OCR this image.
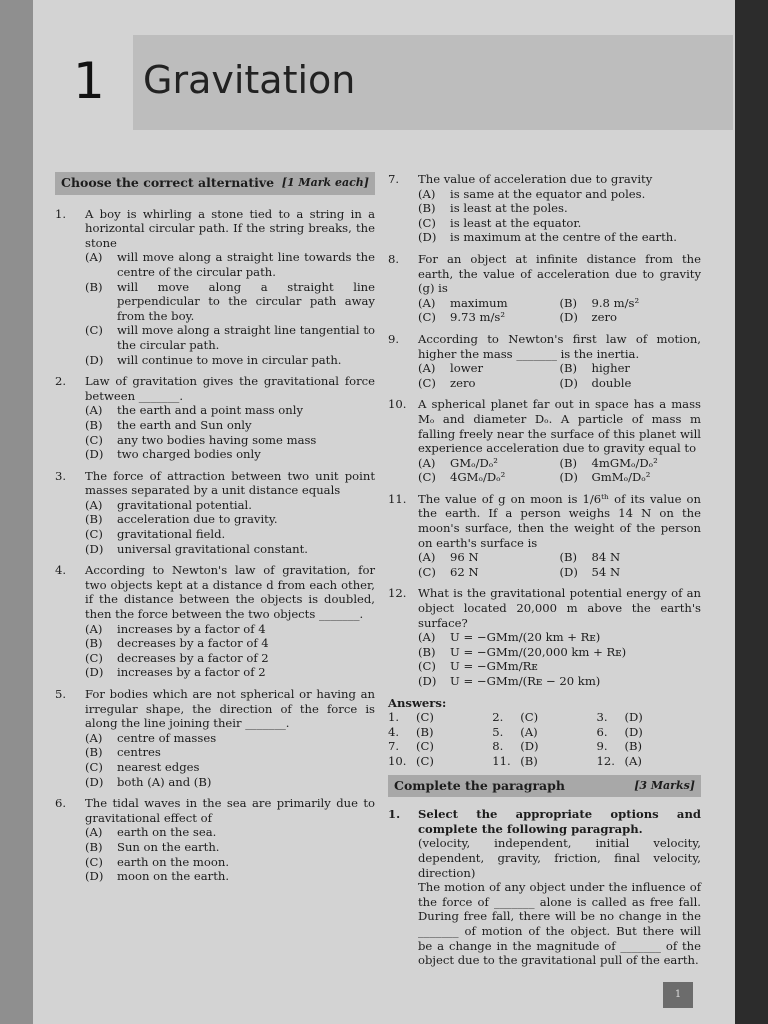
1 Gravitation
Choose the correct alternative [1 Mark each]
1.	A boy is whirling a stone tied to a string in a horizontal circular path. If the string breaks, the stone
(A)	will move along a straight line towards the centre of the circular path.
(B)	will move along a straight line perpendicular to the circular path away from the boy.
(C)	will move along a straight line tangential to the circular path.
(D)	will continue to move in circular path.
2.	Law of gravitation gives the gravitational force between _______.
(A)	the earth and a point mass only
(B)	the earth and Sun only
(C)	any two bodies having some mass
(D)	two charged bodies only
3.	The force of attraction between two unit point masses separated by a unit distance equals
(A)	gravitational potential.
(B)	acceleration due to gravity.
(C)	gravitational field.
(D)	universal gravitational constant.
4.	According to Newton's law of gravitation, for two objects kept at a distance d from each other, if the distance between the objects is doubled, then the force between the two objects _______.
(A)	increases by a factor of 4
(B)	decreases by a factor of 4
(C)	decreases by a factor of 2
(D)	increases by a factor of 2
5.	For bodies which are not spherical or having an irregular shape, the direction of the force is along the line joining their _______.
(A)	centre of masses
(B)	centres
(C)	nearest edges
(D)	both (A) and (B)
6.	The tidal waves in the sea are primarily due to gravitational effect of
(A)	earth on the sea.
(B)	Sun on the earth.
(C)	earth on the moon.
(D)	moon on the earth.
7.	The value of acceleration due to gravity
(A)	is same at the equator and poles.
(B)	is least at the poles.
(C)	is least at the equator.
(D)	is maximum at the centre of the earth.
8.	For an object at infinite distance from the earth, the value of acceleration due to gravity (g) is
(A)	maximum	(B)	9.8 m/s²
(C)	9.73 m/s²	(D)	zero
9.	According to Newton's first law of motion, higher the mass _______ is the inertia.
(A)	lower	(B)	higher
(C)	zero	(D)	double
10. A spherical planet far out in space has a mass Mₒ and diameter Dₒ. A particle of mass m falling freely near the surface of this planet will experience acceleration due to gravity equal to
(A)	GMₒ/Dₒ²	(B)	4mGMₒ/Dₒ²
(C)	4GMₒ/Dₒ²	(D)	GmMₒ/Dₒ²
11. The value of g on moon is 1/6ᵗʰ of its value on the earth. If a person weighs 14 N on the moon's surface, then the weight of the person on earth's surface is
(A)	96 N	(B)	84 N
(C)	62 N	(D)	54 N
12. What is the gravitational potential energy of an object located 20,000 m above the earth's surface?
(A)	U = −GMm/(20 km + Rᴇ)
(B)	U = −GMm/(20,000 km + Rᴇ)
(C)	U = −GMm/Rᴇ
(D)	U = −GMm/(Rᴇ − 20 km)
Answers:
1.	(C)	2.	(C)	3.	(D)
4.	(B)	5.	(A)	6.	(D)
7.	(C)	8.	(D)	9.	(B)
10. (C)	11. (B)	12. (A)
Complete the paragraph	[3 Marks]
1.	Select the appropriate options and complete the following paragraph.
(velocity, independent, initial velocity, dependent, gravity, friction, final velocity, direction)
The motion of any object under the influence of the force of _______ alone is called as free fall. During free fall, there will be no change in the _______ of motion of the object. But there will be a change in the magnitude of _______ of the object due to the gravitational pull of the earth.
1
